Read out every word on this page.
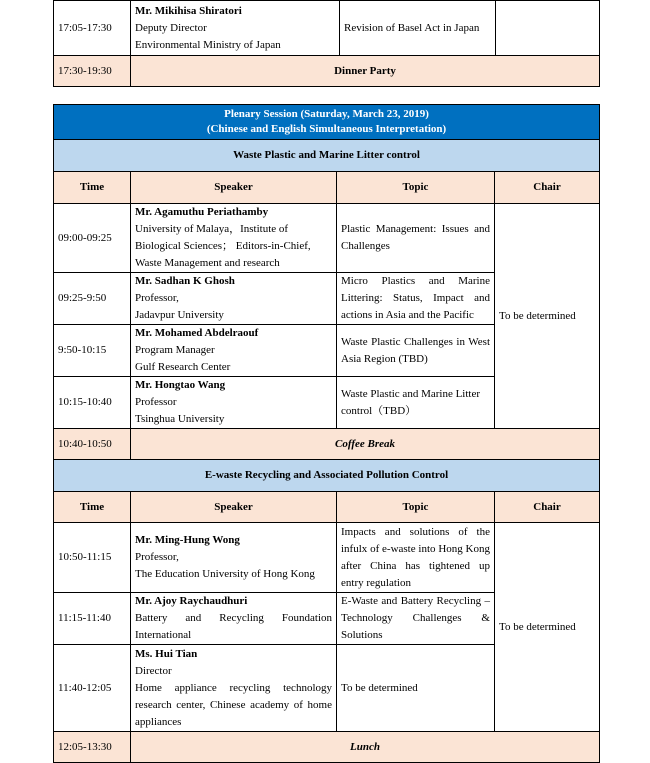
17:05-17:30	Mr. Mikihisa Shiratori
Deputy Director
Environmental Ministry of Japan	Revision of Basel Act in Japan	
17:30-19:30	Dinner Party		
Plenary Session (Saturday, March 23, 2019)
(Chinese and English Simultaneous Interpretation)			

Waste Plastic and Marine Litter control			
Time	Speaker	Topic	Chair
09:00-09:25	Mr. Agamuthu Periathamby
University of Malaya，Institute of
Biological Sciences； Editors-in-Chief,
Waste Management and research	Plastic Management: Issues and Challenges	To be determined
09:25-9:50	Mr. Sadhan K Ghosh
Professor,
Jadavpur University	Micro Plastics and Marine Littering: Status, Impact and actions in Asia and the Pacific	
9:50-10:15	Mr. Mohamed Abdelraouf
Program Manager
Gulf Research Center	Waste Plastic Challenges in West Asia Region (TBD)	
10:15-10:40	Mr. Hongtao Wang
Professor
Tsinghua University	Waste Plastic and Marine Litter control（TBD）	
10:40-10:50	Coffee Break		
E-waste Recycling and Associated Pollution Control			
Time	Speaker	Topic	Chair
10:50-11:15	Mr. Ming-Hung Wong
Professor,
The Education University of Hong Kong	Impacts and solutions of the infulx of e-waste into Hong Kong after China has tightened up entry regulation	To be determined
11:15-11:40	Mr. Ajoy Raychaudhuri
Battery and Recycling Foundation International	E-Waste and Battery Recycling – Technology Challenges & Solutions	
11:40-12:05	Ms. Hui Tian
Director
Home appliance recycling technology research center, Chinese academy of home appliances	To be determined	
12:05-13:30	Lunch		
